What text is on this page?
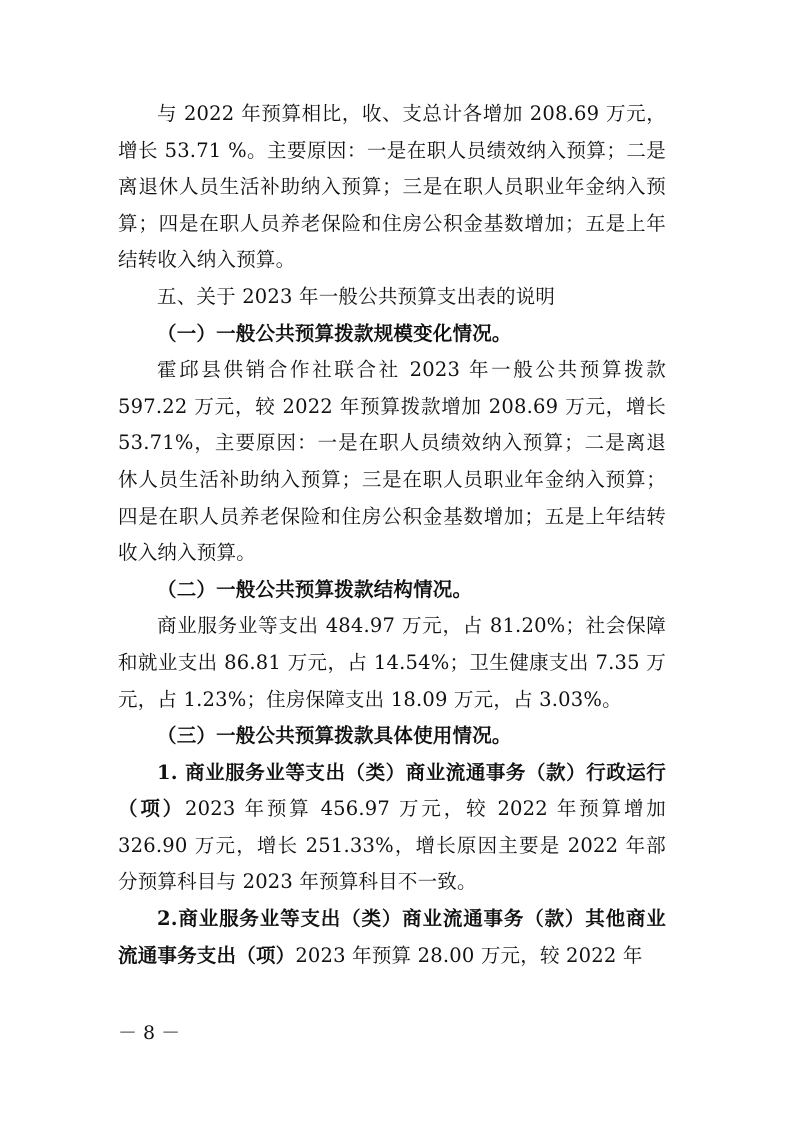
与 2022 年预算相比，收、支总计各增加 208.69 万元，增长 53.71 %。主要原因：一是在职人员绩效纳入预算；二是离退休人员生活补助纳入预算；三是在职人员职业年金纳入预算；四是在职人员养老保险和住房公积金基数增加；五是上年结转收入纳入预算。

五、关于 2023 年一般公共预算支出表的说明

（一）一般公共预算拨款规模变化情况。

霍邱县供销合作社联合社 2023 年一般公共预算拨款 597.22 万元，较 2022 年预算拨款增加 208.69 万元，增长 53.71%，主要原因：一是在职人员绩效纳入预算；二是离退休人员生活补助纳入预算；三是在职人员职业年金纳入预算；四是在职人员养老保险和住房公积金基数增加；五是上年结转收入纳入预算。

（二）一般公共预算拨款结构情况。

商业服务业等支出 484.97 万元，占 81.20%；社会保障和就业支出 86.81 万元，占 14.54%；卫生健康支出 7.35 万元，占 1.23%；住房保障支出 18.09 万元，占 3.03%。

（三）一般公共预算拨款具体使用情况。

1. 商业服务业等支出（类）商业流通事务（款）行政运行（项）2023 年预算 456.97 万元，较 2022 年预算增加 326.90 万元，增长 251.33%，增长原因主要是 2022 年部分预算科目与 2023 年预算科目不一致。

2.商业服务业等支出（类）商业流通事务（款）其他商业流通事务支出（项）2023 年预算 28.00 万元，较 2022 年

－ 8 －
